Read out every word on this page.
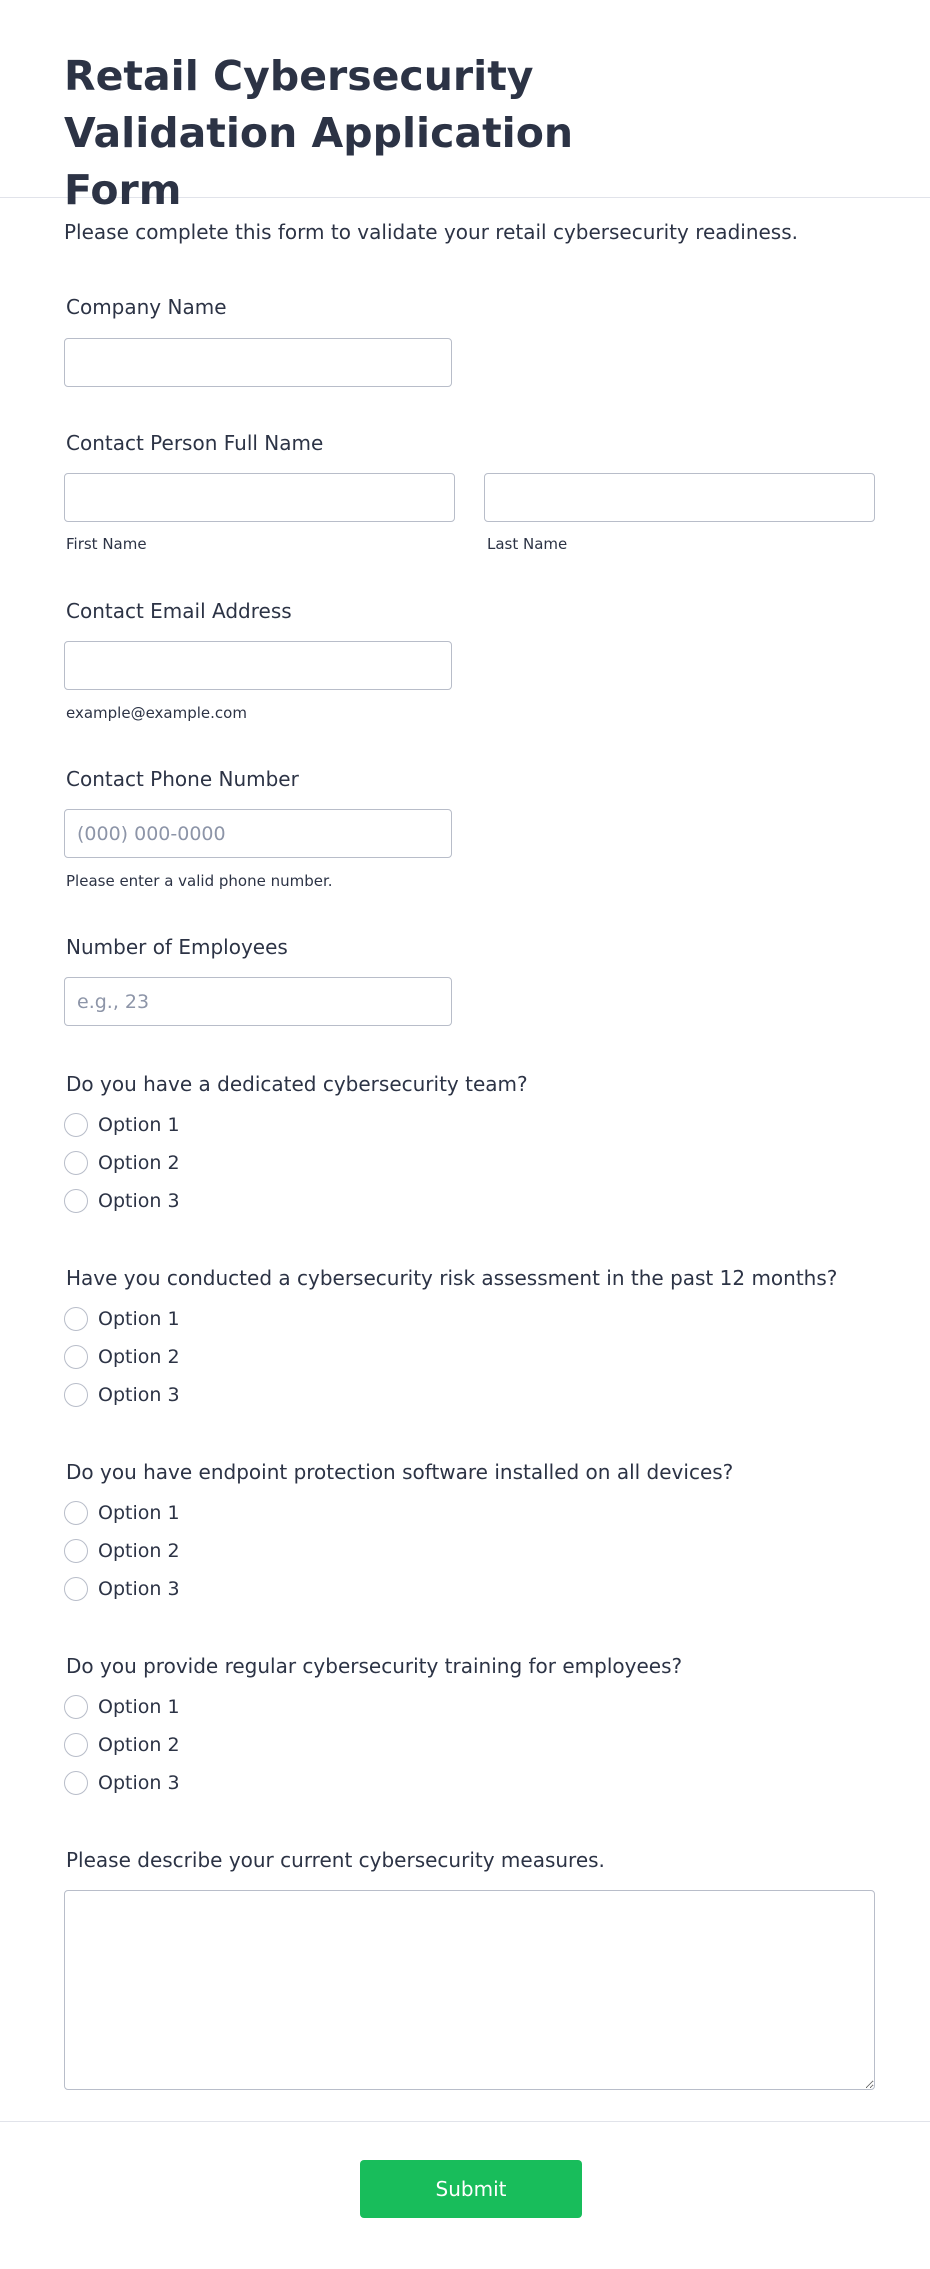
Retail Cybersecurity Validation Application Form

Please complete this form to validate your retail cybersecurity readiness.

Company Name
Contact Person Full Name
First Name	Last Name
Contact Email Address
example@example.com
Contact Phone Number
(000) 000-0000
Please enter a valid phone number.
Number of Employees
e.g., 23
Do you have a dedicated cybersecurity team?
Option 1
Option 2
Option 3
Have you conducted a cybersecurity risk assessment in the past 12 months?
Option 1
Option 2
Option 3
Do you have endpoint protection software installed on all devices?
Option 1
Option 2
Option 3
Do you provide regular cybersecurity training for employees?
Option 1
Option 2
Option 3
Please describe your current cybersecurity measures.
Submit
